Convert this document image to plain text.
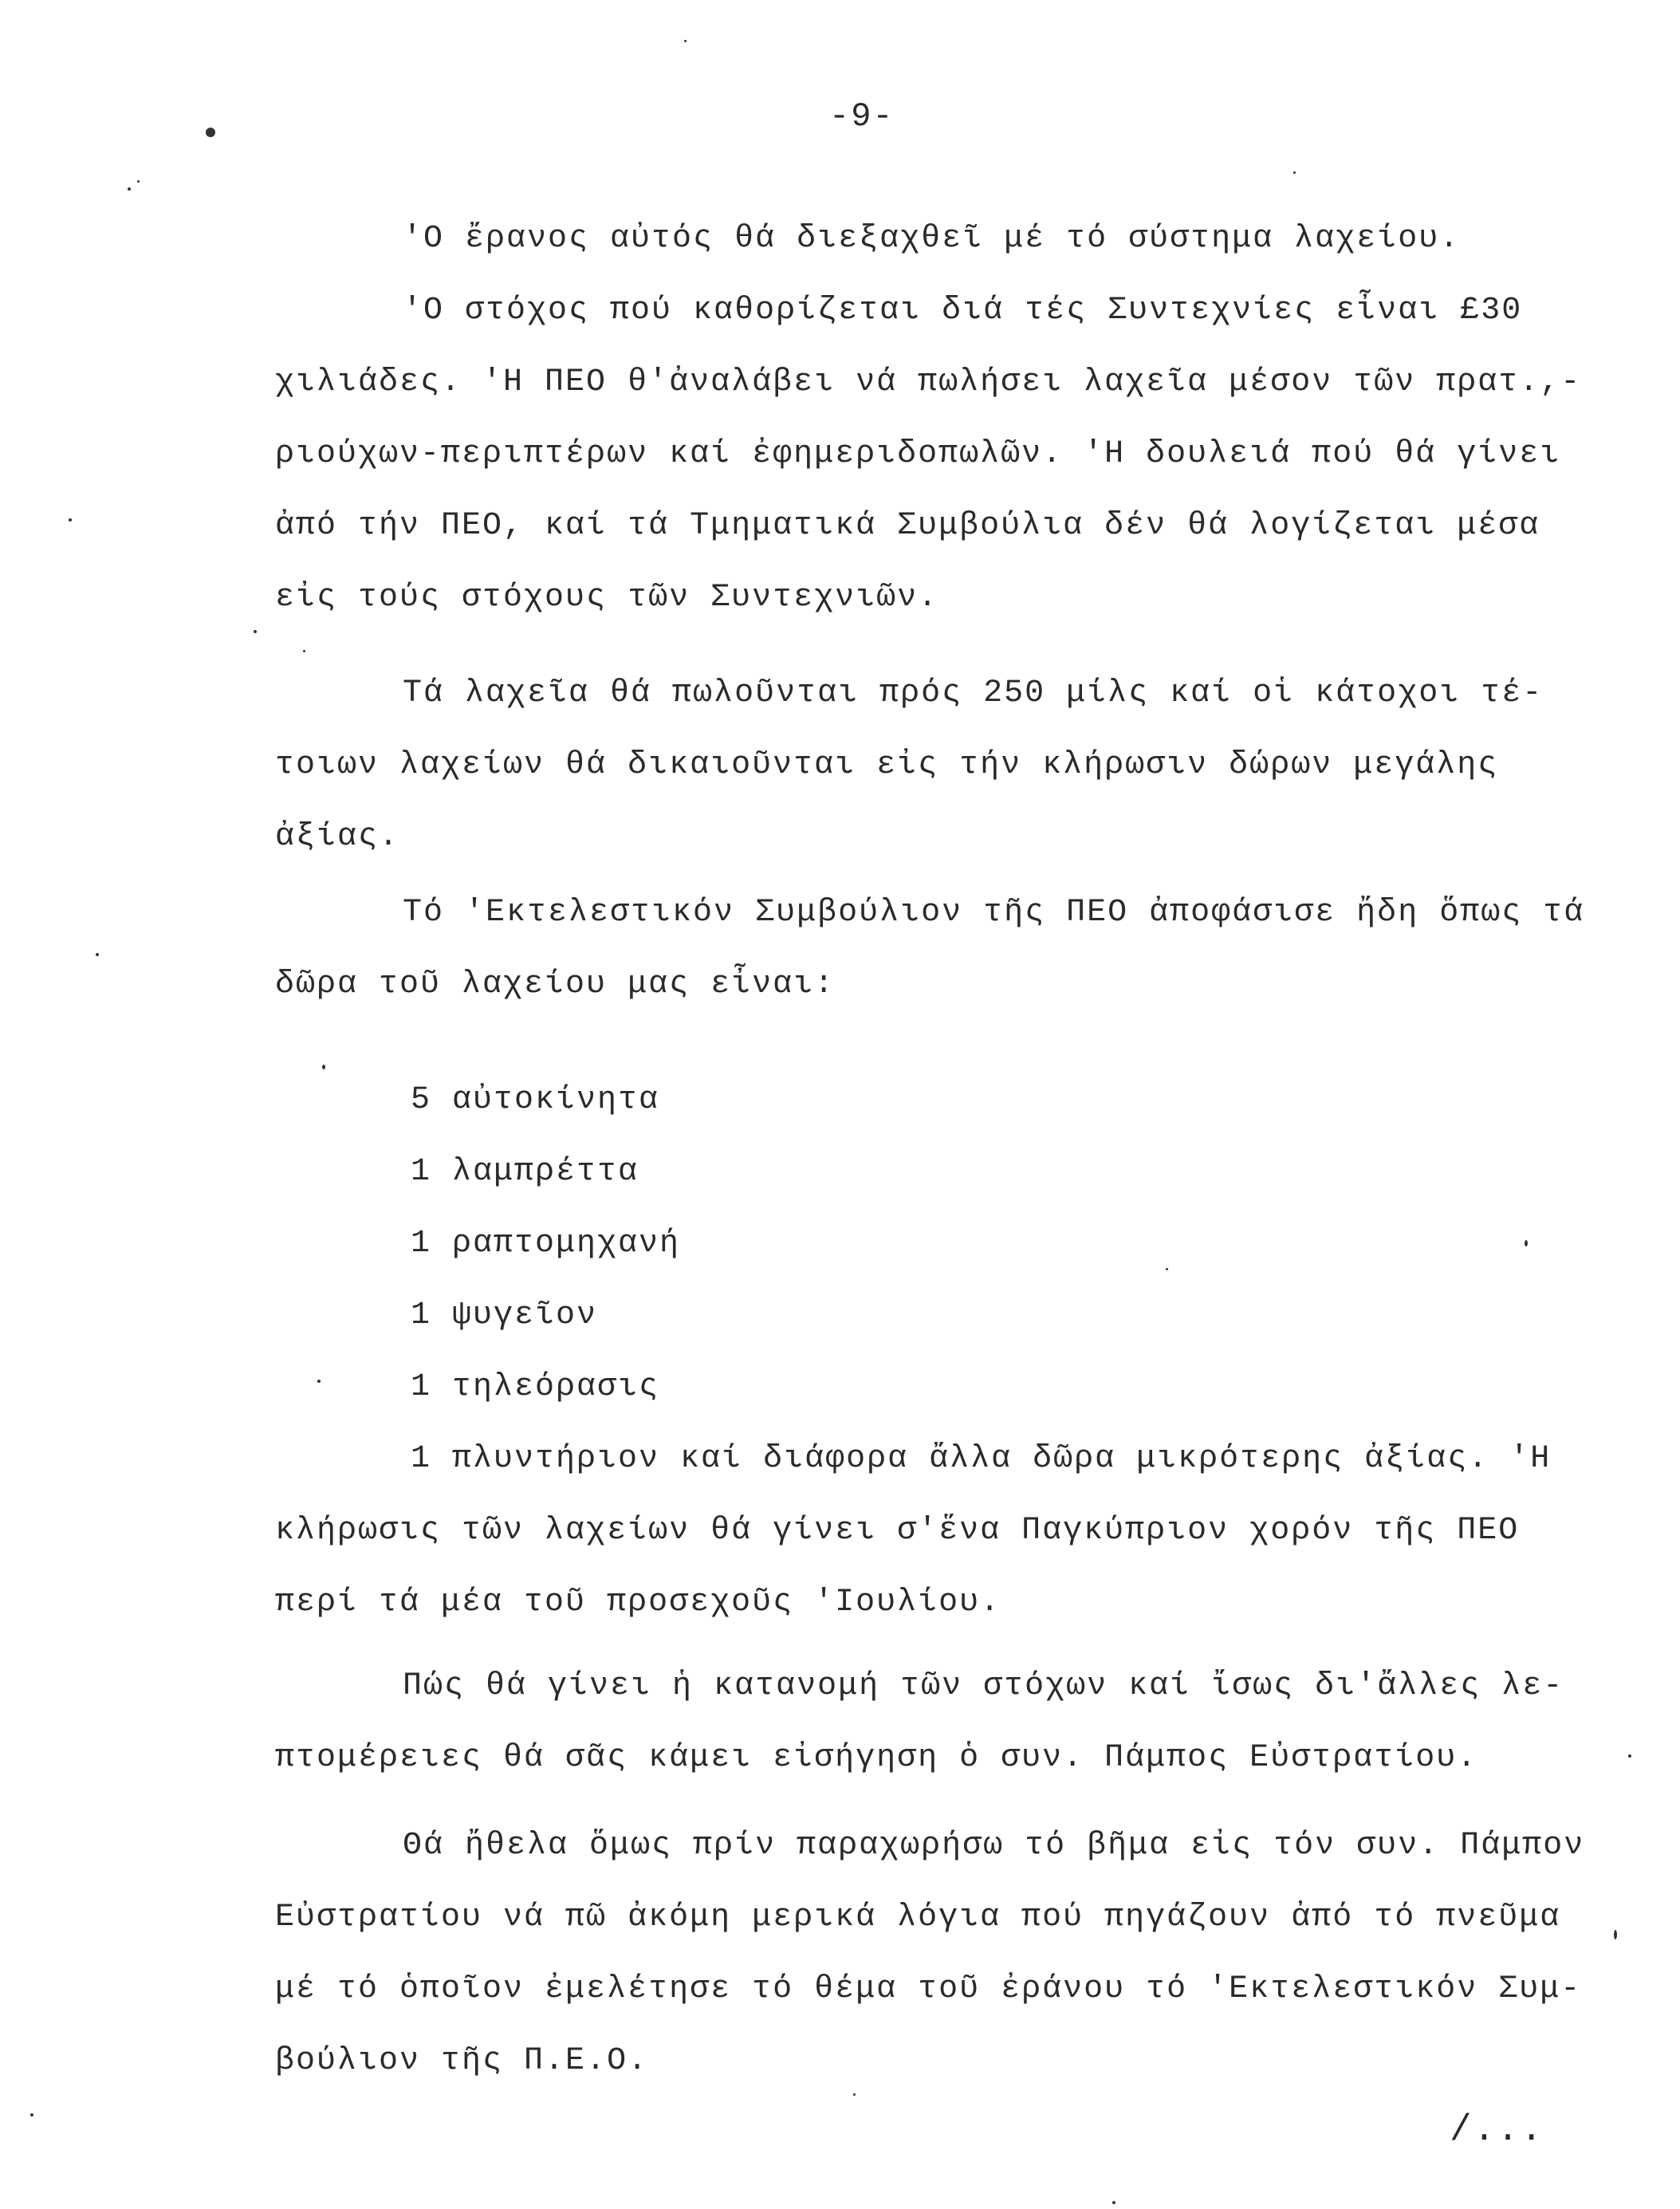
-9-
'Ο ἔρανος αὐτός θά διεξαχθεῖ μέ τό σύστημα λαχείου.
'Ο στόχος πού καθορίζεται διά τές Συντεχνίες εἶναι £30
χιλιάδες. 'Η ΠΕΟ θ'ἀναλάβει νά πωλήσει λαχεῖα μέσον τῶν πρατ.,-
ριούχων-περιπτέρων καί ἐφημεριδοπωλῶν. 'Η δουλειά πού θά γίνει
ἀπό τήν ΠΕΟ, καί τά Τμηματικά Συμβούλια δέν θά λογίζεται μέσα
εἰς τούς στόχους τῶν Συντεχνιῶν.
Τά λαχεῖα θά πωλοῦνται πρός 250 μίλς καί οἱ κάτοχοι τέ-
τοιων λαχείων θά δικαιοῦνται εἰς τήν κλήρωσιν δώρων μεγάλης
ἀξίας.
Τό 'Εκτελεστικόν Συμβούλιον τῆς ΠΕΟ ἀποφάσισε ἤδη ὅπως τά
δῶρα τοῦ λαχείου μας εἶναι:
5 αὐτοκίνητα
1 λαμπρέττα
1 ραπτομηχανή
1 ψυγεῖον
1 τηλεόρασις
1 πλυντήριον καί διάφορα ἄλλα δῶρα μικρότερης ἀξίας. 'Η
κλήρωσις τῶν λαχείων θά γίνει σ'ἕνα Παγκύπριον χορόν τῆς ΠΕΟ
περί τά μέα τοῦ προσεχοῦς 'Ιουλίου.
Πώς θά γίνει ἡ κατανομή τῶν στόχων καί ἴσως δι'ἄλλες λε-
πτομέρειες θά σᾶς κάμει εἰσήγηση ὁ συν. Πάμπος Εὐστρατίου.
Θά ἤθελα ὅμως πρίν παραχωρήσω τό βῆμα εἰς τόν συν. Πάμπον
Εὐστρατίου νά πῶ ἀκόμη μερικά λόγια πού πηγάζουν ἀπό τό πνεῦμα
μέ τό ὁποῖον ἐμελέτησε τό θέμα τοῦ ἐράνου τό 'Εκτελεστικόν Συμ-
βούλιον τῆς Π.Ε.Ο.
/...
